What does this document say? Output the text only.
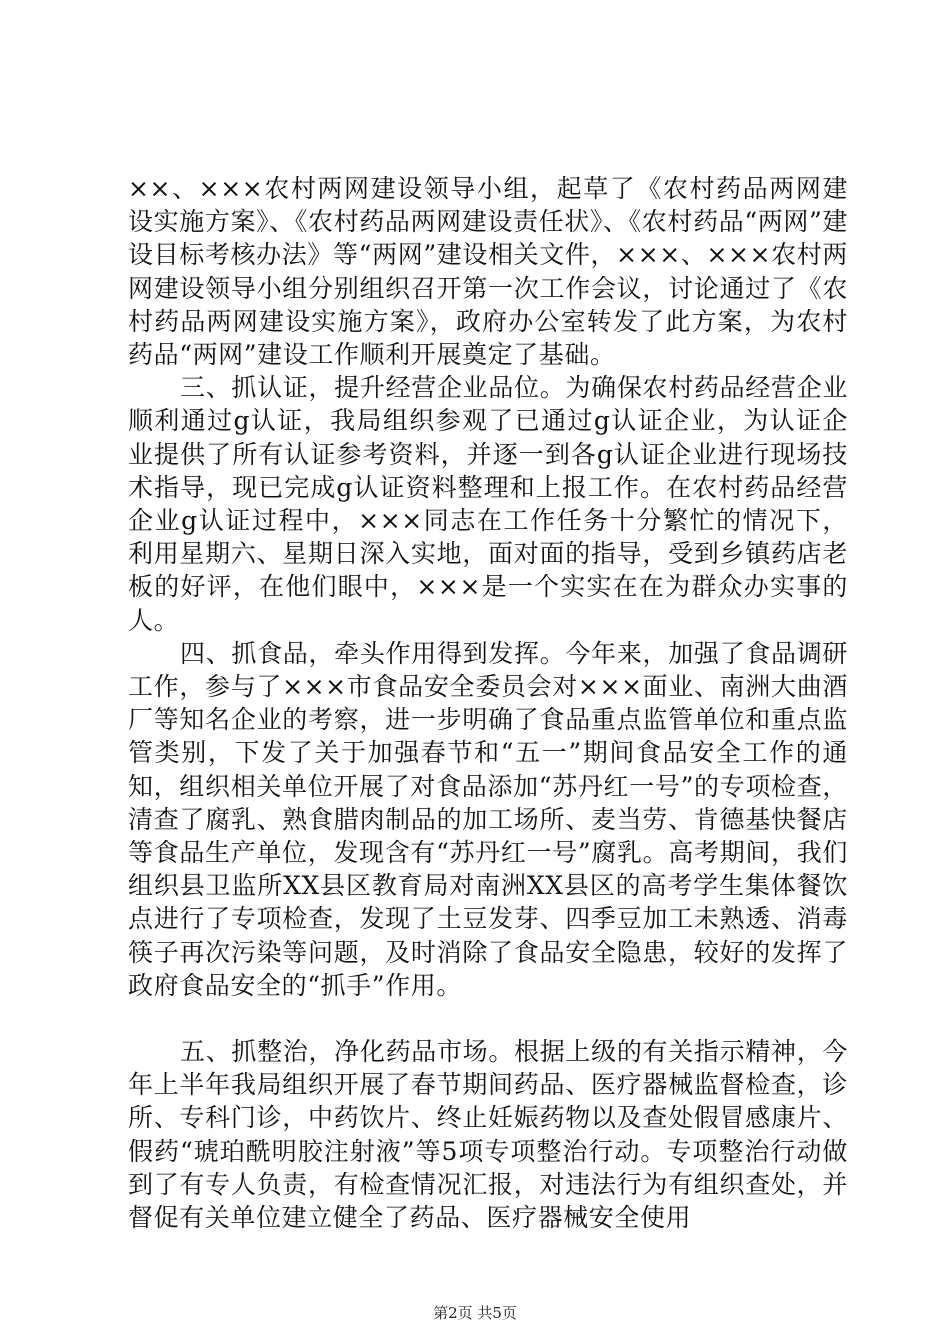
××、×××农村两网建设领导小组，起草了《农村药品两网建设实施方案》、《农村药品两网建设责任状》、《农村药品“两网”建设目标考核办法》等“两网”建设相关文件，×××、×××农村两网建设领导小组分别组织召开第一次工作会议，讨论通过了《农村药品两网建设实施方案》，政府办公室转发了此方案，为农村药品“两网”建设工作顺利开展奠定了基础。

三、抓认证，提升经营企业品位。为确保农村药品经营企业顺利通过g认证，我局组织参观了已通过g认证企业，为认证企业提供了所有认证参考资料，并逐一到各g认证企业进行现场技术指导，现已完成g认证资料整理和上报工作。在农村药品经营企业g认证过程中，×××同志在工作任务十分繁忙的情况下，利用星期六、星期日深入实地，面对面的指导，受到乡镇药店老板的好评，在他们眼中，×××是一个实实在在为群众办实事的人。

四、抓食品，牵头作用得到发挥。今年来，加强了食品调研工作，参与了×××市食品安全委员会对×××面业、南洲大曲酒厂等知名企业的考察，进一步明确了食品重点监管单位和重点监管类别，下发了关于加强春节和“五一”期间食品安全工作的通知，组织相关单位开展了对食品添加“苏丹红一号”的专项检查，清查了腐乳、熟食腊肉制品的加工场所、麦当劳、肯德基快餐店等食品生产单位，发现含有“苏丹红一号”腐乳。高考期间，我们组织县卫监所XX县区教育局对南洲XX县区的高考学生集体餐饮点进行了专项检查，发现了土豆发芽、四季豆加工未熟透、消毒筷子再次污染等问题，及时消除了食品安全隐患，较好的发挥了政府食品安全的“抓手”作用。

五、抓整治，净化药品市场。根据上级的有关指示精神，今年上半年我局组织开展了春节期间药品、医疗器械监督检查，诊所、专科门诊，中药饮片、终止妊娠药物以及查处假冒感康片、假药“琥珀酰明胶注射液”等5项专项整治行动。专项整治行动做到了有专人负责，有检查情况汇报，对违法行为有组织查处，并督促有关单位建立健全了药品、医疗器械安全使用

第2页 共5页
